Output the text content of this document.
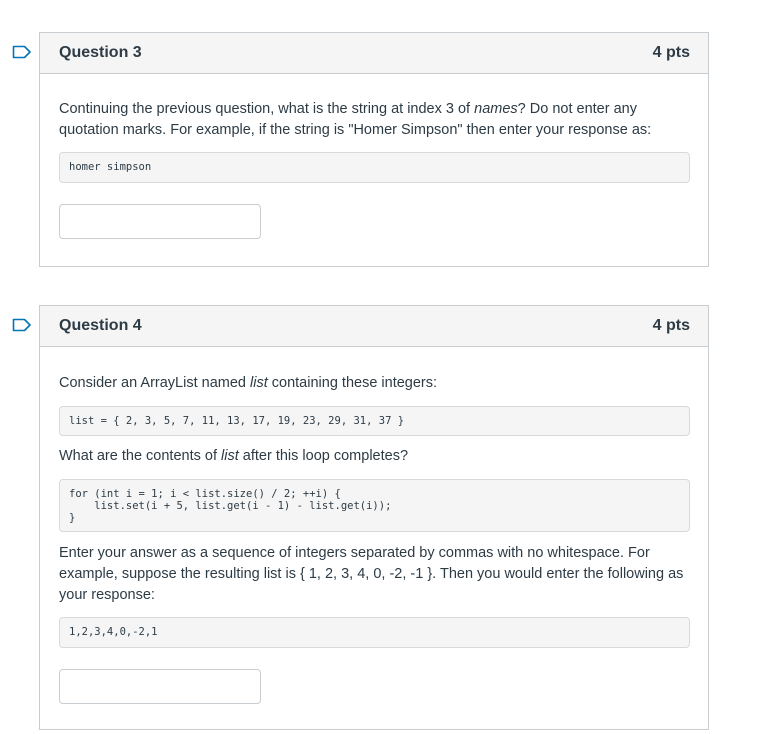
Question 3	4 pts

Continuing the previous question, what is the string at index 3 of names? Do not enter any quotation marks. For example, if the string is "Homer Simpson" then enter your response as:

homer simpson
Question 4	4 pts

Consider an ArrayList named list containing these integers:

list = { 2, 3, 5, 7, 11, 13, 17, 19, 23, 29, 31, 37 }

What are the contents of list after this loop completes?

for (int i = 1; i < list.size() / 2; ++i) {
list.set(i + 5, list.get(i - 1) - list.get(i));
}

Enter your answer as a sequence of integers separated by commas with no whitespace. For example, suppose the resulting list is { 1, 2, 3, 4, 0, -2, -1 }. Then you would enter the following as your response:

1,2,3,4,0,-2,1
